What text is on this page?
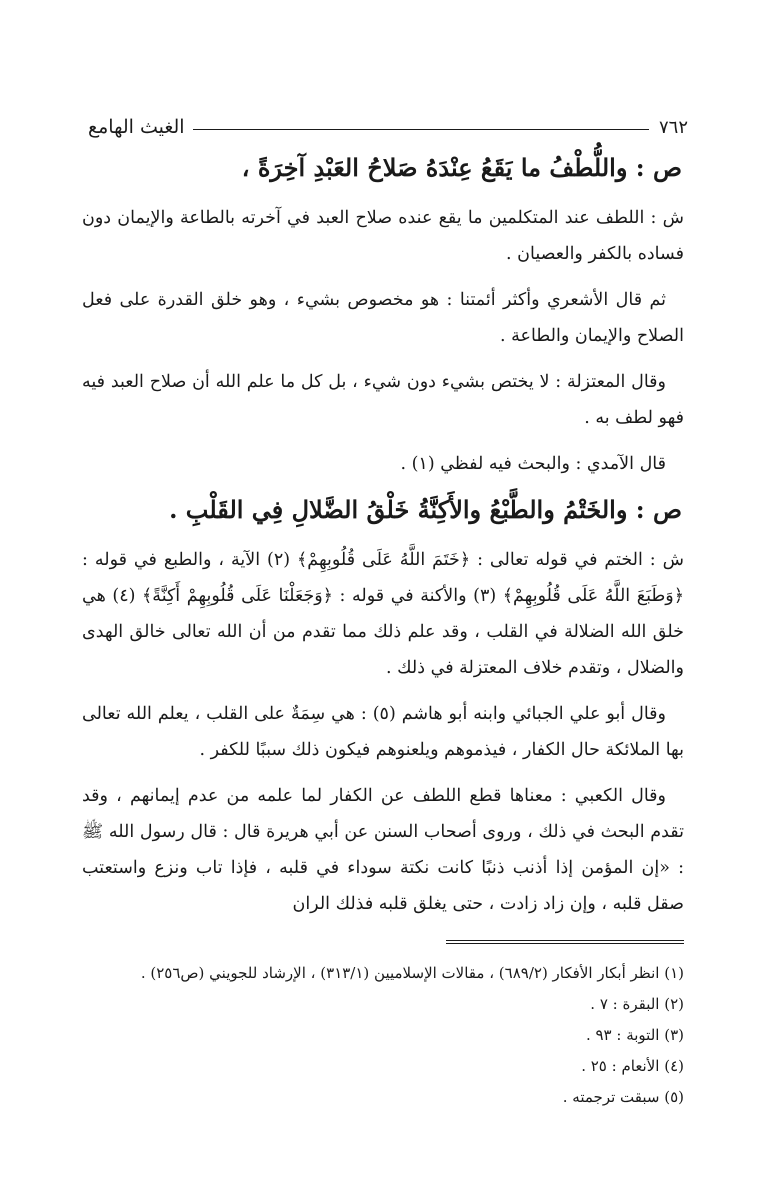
٧٦٢
الغيث الهامع

ص : واللُّطْفُ ما يَقَعُ عِنْدَهُ صَلاحُ العَبْدِ آخِرَةً ،

ش : اللطف عند المتكلمين ما يقع عنده صلاح العبد في آخرته بالطاعة والإيمان دون فساده بالكفر والعصيان .

ثم قال الأشعري وأكثر أئمتنا : هو مخصوص بشيء ، وهو خلق القدرة على فعل الصلاح والإيمان والطاعة .

وقال المعتزلة : لا يختص بشيء دون شيء ، بل كل ما علم الله أن صلاح العبد فيه فهو لطف به .

قال الآمدي : والبحث فيه لفظي (١) .

ص : والخَتْمُ والطَّبْعُ والأَكِنَّةُ خَلْقُ الضَّلالِ فِي القَلْبِ .

ش : الختم في قوله تعالى : ﴿خَتَمَ اللَّهُ عَلَى قُلُوبِهِمْ﴾ (٢) الآية ، والطبع في قوله : ﴿وَطَبَعَ اللَّهُ عَلَى قُلُوبِهِمْ﴾ (٣) والأكنة في قوله : ﴿وَجَعَلْنَا عَلَى قُلُوبِهِمْ أَكِنَّةً﴾ (٤) هي خلق الله الضلالة في القلب ، وقد علم ذلك مما تقدم من أن الله تعالى خالق الهدى والضلال ، وتقدم خلاف المعتزلة في ذلك .

وقال أبو علي الجبائي وابنه أبو هاشم (٥) : هي سِمَةٌ على القلب ، يعلم الله تعالى بها الملائكة حال الكفار ، فيذموهم ويلعنوهم فيكون ذلك سببًا للكفر .

وقال الكعبي : معناها قطع اللطف عن الكفار لما علمه من عدم إيمانهم ، وقد تقدم البحث في ذلك ، وروى أصحاب السنن عن أبي هريرة قال : قال رسول الله ﷺ : «إن المؤمن إذا أذنب ذنبًا كانت نكتة سوداء في قلبه ، فإذا تاب ونزع واستعتب صقل قلبه ، وإن زاد زادت ، حتى يغلق قلبه فذلك الران

(١) انظر أبكار الأفكار (٦٨٩/٢) ، مقالات الإسلاميين (٣١٣/١) ، الإرشاد للجويني (ص٢٥٦) .

(٢) البقرة : ٧ .

(٣) التوبة : ٩٣ .

(٤) الأنعام : ٢٥ .

(٥) سبقت ترجمته .
